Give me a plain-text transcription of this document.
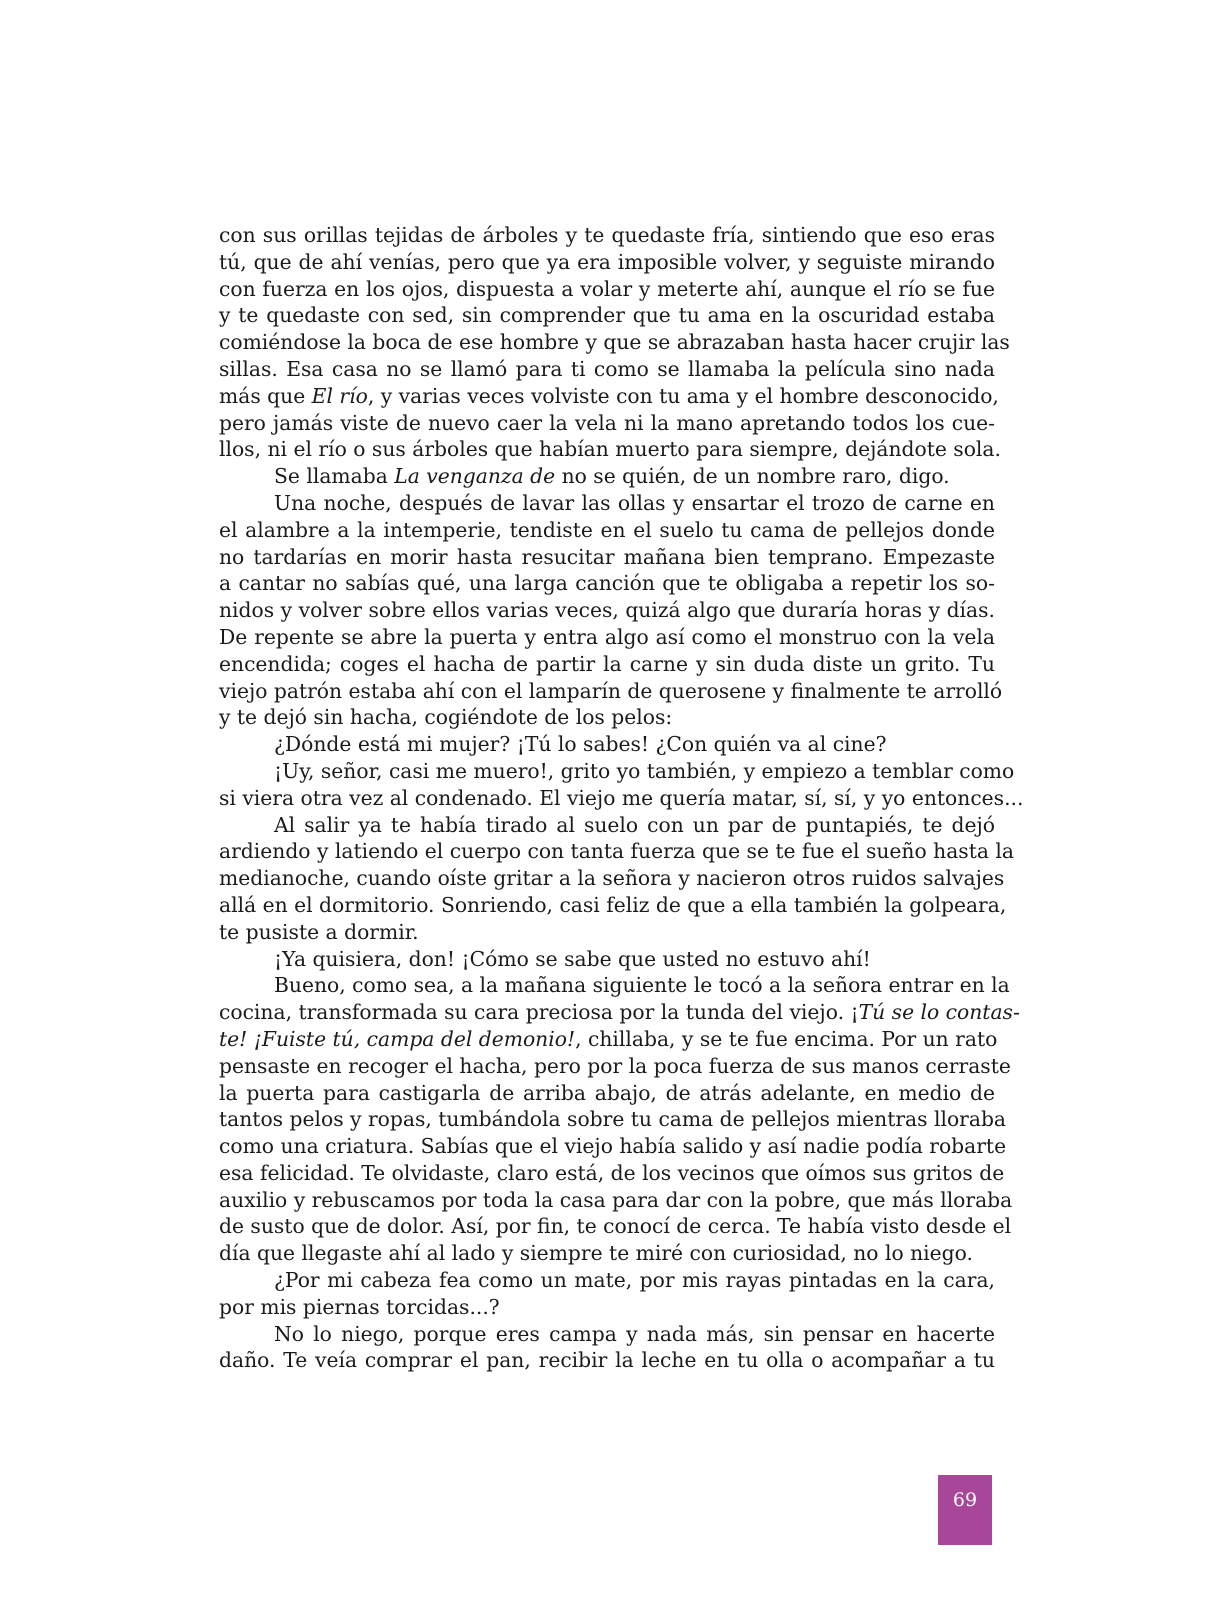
con sus orillas tejidas de árboles y te quedaste fría, sintiendo que eso eras
tú, que de ahí venías, pero que ya era imposible volver, y seguiste mirando
con fuerza en los ojos, dispuesta a volar y meterte ahí, aunque el río se fue
y te quedaste con sed, sin comprender que tu ama en la oscuridad estaba
comiéndose la boca de ese hombre y que se abrazaban hasta hacer crujir las
sillas. Esa casa no se llamó para ti como se llamaba la película sino nada
más que El río, y varias veces volviste con tu ama y el hombre desconocido,
pero jamás viste de nuevo caer la vela ni la mano apretando todos los cue-
llos, ni el río o sus árboles que habían muerto para siempre, dejándote sola.
Se llamaba La venganza de no se quién, de un nombre raro, digo.
Una noche, después de lavar las ollas y ensartar el trozo de carne en
el alambre a la intemperie, tendiste en el suelo tu cama de pellejos donde
no tardarías en morir hasta resucitar mañana bien temprano. Empezaste
a cantar no sabías qué, una larga canción que te obligaba a repetir los so-
nidos y volver sobre ellos varias veces, quizá algo que duraría horas y días.
De repente se abre la puerta y entra algo así como el monstruo con la vela
encendida; coges el hacha de partir la carne y sin duda diste un grito. Tu
viejo patrón estaba ahí con el lamparín de querosene y finalmente te arrolló
y te dejó sin hacha, cogiéndote de los pelos:
¿Dónde está mi mujer? ¡Tú lo sabes! ¿Con quién va al cine?
¡Uy, señor, casi me muero!, grito yo también, y empiezo a temblar como
si viera otra vez al condenado. El viejo me quería matar, sí, sí, y yo entonces...
Al salir ya te había tirado al suelo con un par de puntapiés, te dejó
ardiendo y latiendo el cuerpo con tanta fuerza que se te fue el sueño hasta la
medianoche, cuando oíste gritar a la señora y nacieron otros ruidos salvajes
allá en el dormitorio. Sonriendo, casi feliz de que a ella también la golpeara,
te pusiste a dormir.
¡Ya quisiera, don! ¡Cómo se sabe que usted no estuvo ahí!
Bueno, como sea, a la mañana siguiente le tocó a la señora entrar en la
cocina, transformada su cara preciosa por la tunda del viejo. ¡Tú se lo contas-
te! ¡Fuiste tú, campa del demonio!, chillaba, y se te fue encima. Por un rato
pensaste en recoger el hacha, pero por la poca fuerza de sus manos cerraste
la puerta para castigarla de arriba abajo, de atrás adelante, en medio de
tantos pelos y ropas, tumbándola sobre tu cama de pellejos mientras lloraba
como una criatura. Sabías que el viejo había salido y así nadie podía robarte
esa felicidad. Te olvidaste, claro está, de los vecinos que oímos sus gritos de
auxilio y rebuscamos por toda la casa para dar con la pobre, que más lloraba
de susto que de dolor. Así, por fin, te conocí de cerca. Te había visto desde el
día que llegaste ahí al lado y siempre te miré con curiosidad, no lo niego.
¿Por mi cabeza fea como un mate, por mis rayas pintadas en la cara,
por mis piernas torcidas...?
No lo niego, porque eres campa y nada más, sin pensar en hacerte
daño. Te veía comprar el pan, recibir la leche en tu olla o acompañar a tu
69
